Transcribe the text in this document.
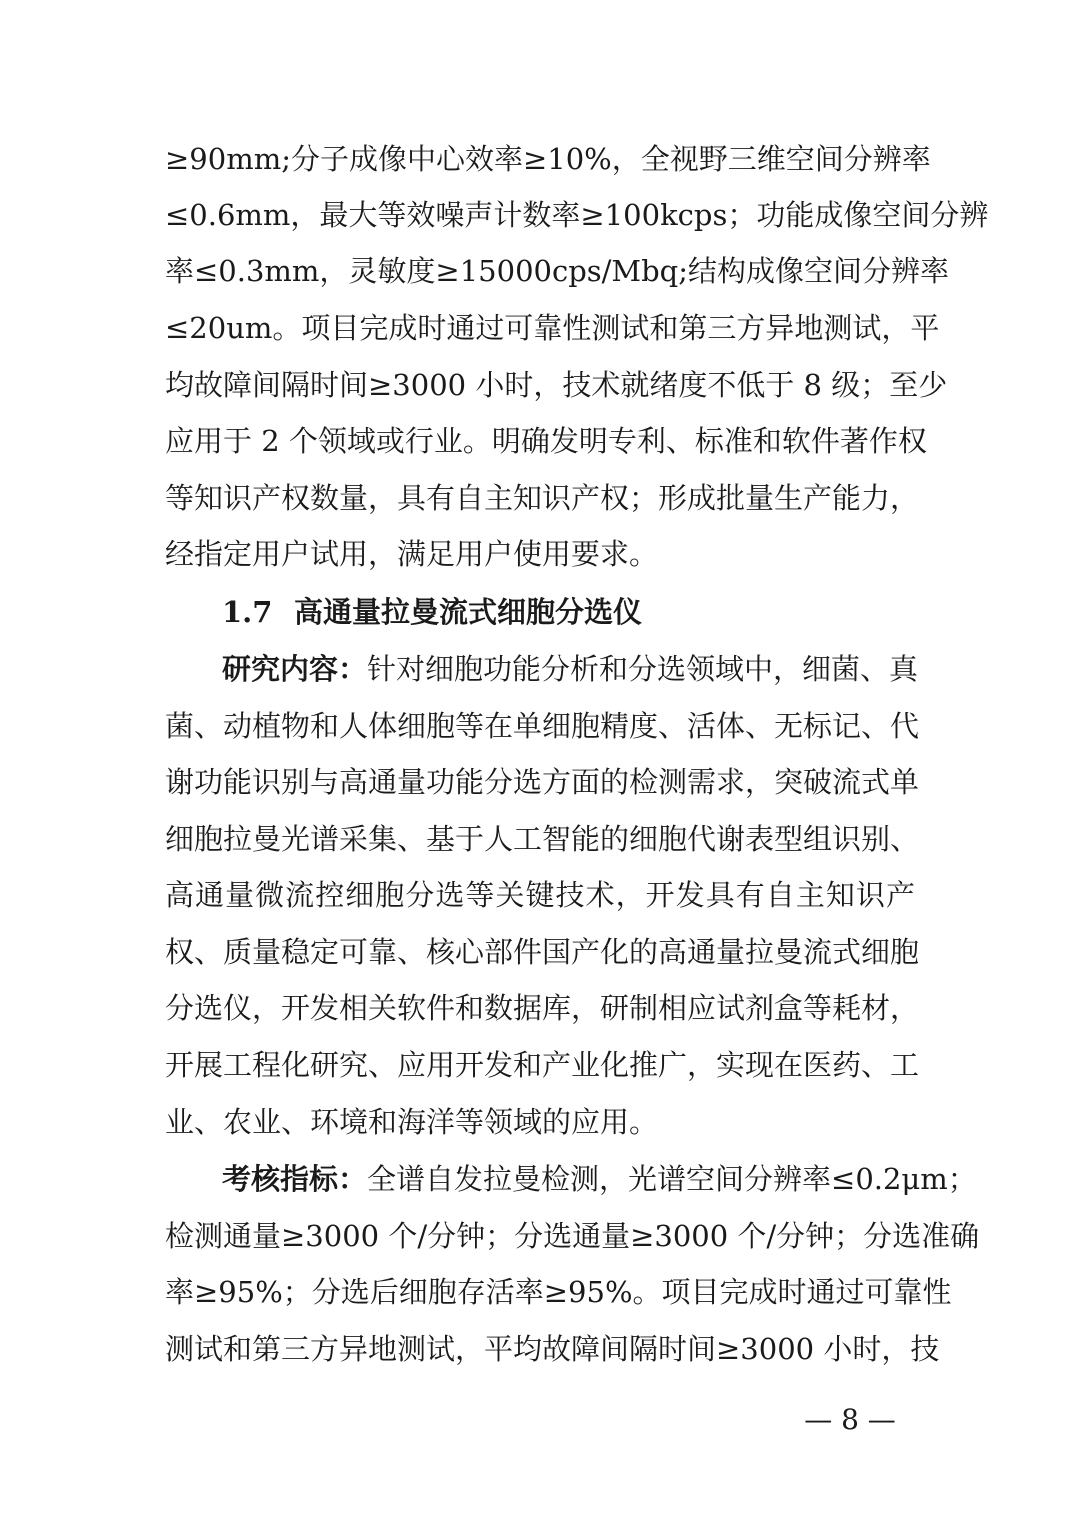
≥90mm;分子成像中心效率≥10%，全视野三维空间分辨率
≤0.6mm，最大等效噪声计数率≥100kcps；功能成像空间分辨
率≤0.3mm，灵敏度≥15000cps/Mbq;结构成像空间分辨率
≤20um。项目完成时通过可靠性测试和第三方异地测试，平
均故障间隔时间≥3000 小时，技术就绪度不低于 8 级；至少
应用于 2 个领域或行业。明确发明专利、标准和软件著作权
等知识产权数量，具有自主知识产权；形成批量生产能力，
经指定用户试用，满足用户使用要求。
1.7 高通量拉曼流式细胞分选仪
研究内容：针对细胞功能分析和分选领域中，细菌、真
菌、动植物和人体细胞等在单细胞精度、活体、无标记、代
谢功能识别与高通量功能分选方面的检测需求，突破流式单
细胞拉曼光谱采集、基于人工智能的细胞代谢表型组识别、
高通量微流控细胞分选等关键技术，开发具有自主知识产
权、质量稳定可靠、核心部件国产化的高通量拉曼流式细胞
分选仪，开发相关软件和数据库，研制相应试剂盒等耗材，
开展工程化研究、应用开发和产业化推广，实现在医药、工
业、农业、环境和海洋等领域的应用。
考核指标：全谱自发拉曼检测，光谱空间分辨率≤0.2μm；
检测通量≥3000 个/分钟；分选通量≥3000 个/分钟；分选准确
率≥95%；分选后细胞存活率≥95%。项目完成时通过可靠性
测试和第三方异地测试，平均故障间隔时间≥3000 小时，技
— 8 —
